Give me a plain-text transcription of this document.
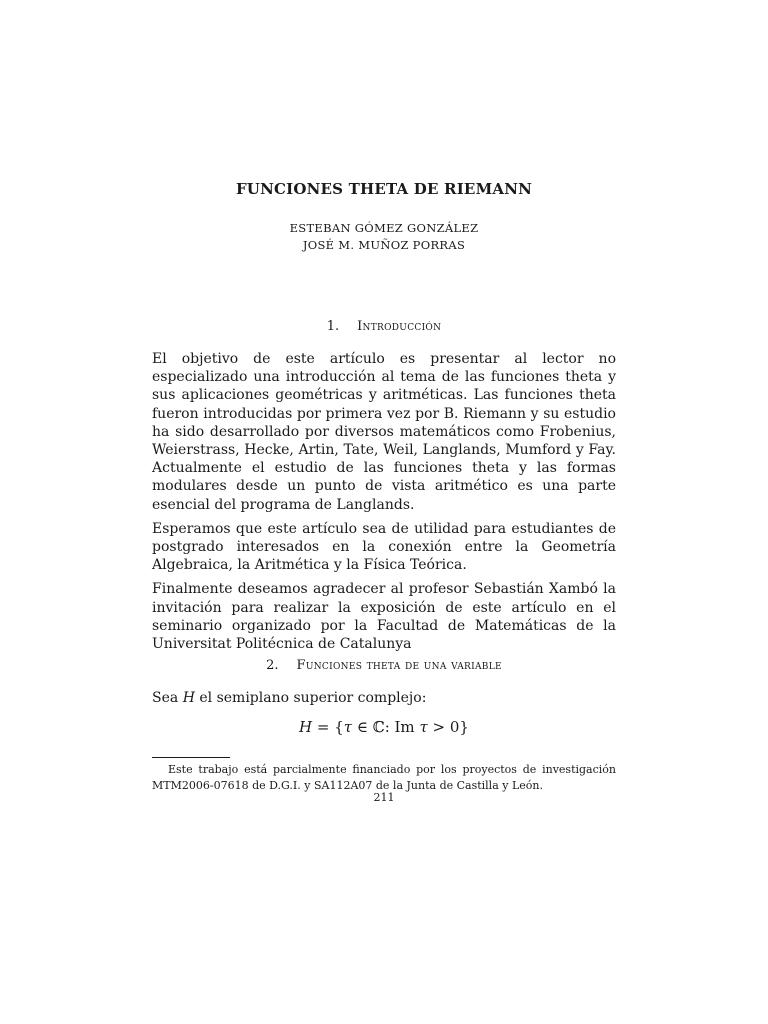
FUNCIONES THETA DE RIEMANN
ESTEBAN GÓMEZ GONZÁLEZ
JOSÉ M. MUÑOZ PORRAS
1. Introducción

El objetivo de este artículo es presentar al lector no especializado una introducción al tema de las funciones theta y sus aplicaciones geométricas y aritméticas. Las funciones theta fueron introducidas por primera vez por B. Riemann y su estudio ha sido desarrollado por diversos matemáticos como Frobenius, Weierstrass, Hecke, Artin, Tate, Weil, Langlands, Mumford y Fay. Actualmente el estudio de las funciones theta y las formas modulares desde un punto de vista aritmético es una parte esencial del programa de Langlands.

Esperamos que este artículo sea de utilidad para estudiantes de postgrado interesados en la conexión entre la Geometría Algebraica, la Aritmética y la Física Teórica.

Finalmente deseamos agradecer al profesor Sebastián Xambó la invitación para realizar la exposición de este artículo en el seminario organizado por la Facultad de Matemáticas de la Universitat Politécnica de Catalunya

2. Funciones theta de una variable

Sea H el semiplano superior complejo:

H = {τ ∈ ℂ: Im τ > 0}
Este trabajo está parcialmente financiado por los proyectos de investigación MTM2006-07618 de D.G.I. y SA112A07 de la Junta de Castilla y León.
211
